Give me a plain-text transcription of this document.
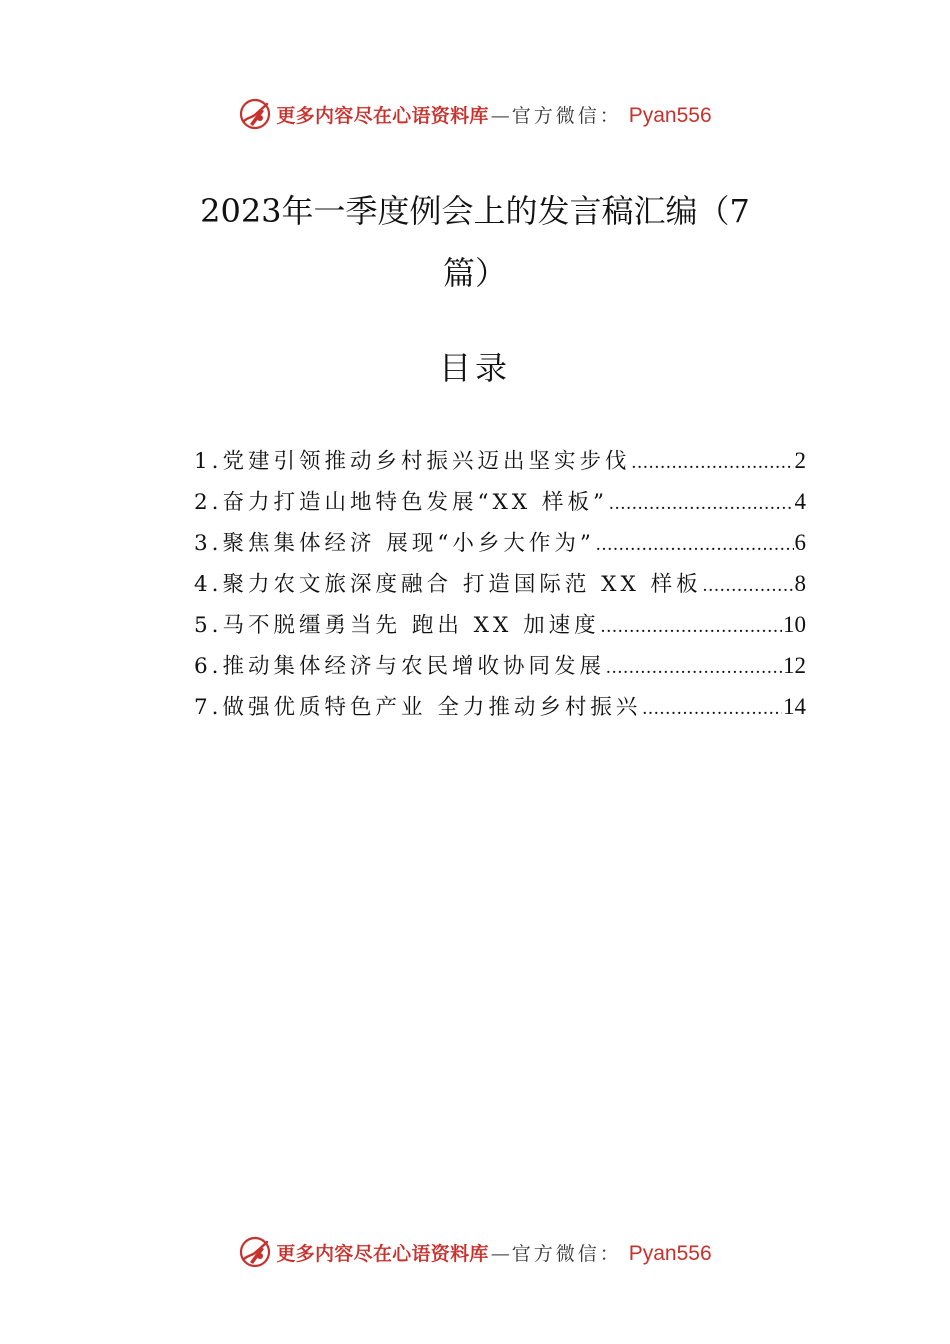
更多内容尽在心语资料库 — 官方微信 ： Pyan556
2023年一季度例会上的发言稿汇编（7
篇）
目录
1.党建引领推动乡村振兴迈出坚实步伐 .....	2
2.奋力打造山地特色发展“XX 样板” .....	4
3.聚焦集体经济 展现“小乡大作为” .....	6
4.聚力农文旅深度融合 打造国际范 XX 样板 .....	8
5.马不脱缰勇当先 跑出 XX 加速度 .....	10
6.推动集体经济与农民增收协同发展 .....	12
7.做强优质特色产业 全力推动乡村振兴 .....	14
更多内容尽在心语资料库 — 官方微信 ： Pyan556
